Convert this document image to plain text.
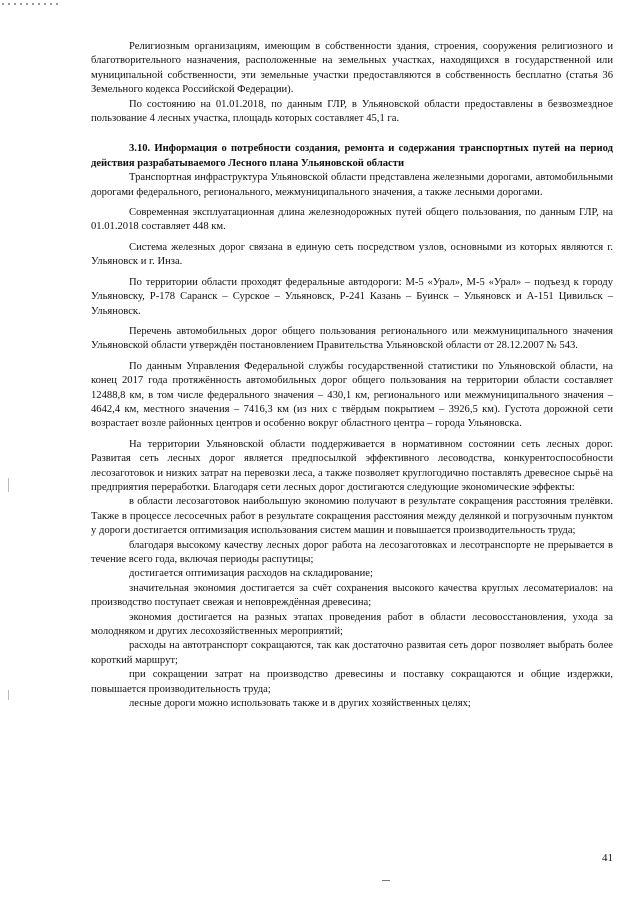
Религиозным организациям, имеющим в собственности здания, строения, сооружения религиозного и благотворительного назначения, расположенные на земельных участках, находящихся в государственной или муниципальной собственности, эти земельные участки предоставляются в собственность бесплатно (статья 36 Земельного кодекса Российской Федерации).

По состоянию на 01.01.2018, по данным ГЛР, в Ульяновской области предоставлены в безвозмездное пользование 4 лесных участка, площадь которых составляет 45,1 га.

3.10. Информация о потребности создания, ремонта и содержания транспортных путей на период действия разрабатываемого Лесного плана Ульяновской области

Транспортная инфраструктура Ульяновской области представлена железными дорогами, автомобильными дорогами федерального, регионального, межмуниципального значения, а также лесными дорогами.

Современная эксплуатационная длина железнодорожных путей общего пользования, по данным ГЛР, на 01.01.2018 составляет 448 км.

Система железных дорог связана в единую сеть посредством узлов, основными из которых являются г. Ульяновск и г. Инза.

По территории области проходят федеральные автодороги: М-5 «Урал», М-5 «Урал» – подъезд к городу Ульяновску, Р-178 Саранск – Сурское – Ульяновск, Р-241 Казань – Буинск – Ульяновск и А-151 Цивильск – Ульяновск.

Перечень автомобильных дорог общего пользования регионального или межмуниципального значения Ульяновской области утверждён постановлением Правительства Ульяновской области от 28.12.2007 № 543.

По данным Управления Федеральной службы государственной статистики по Ульяновской области, на конец 2017 года протяжённость автомобильных дорог общего пользования на территории области составляет 12488,8 км, в том числе федерального значения – 430,1 км, регионального или межмуниципального значения – 4642,4 км, местного значения – 7416,3 км (из них с твёрдым покрытием – 3926,5 км). Густота дорожной сети возрастает возле районных центров и особенно вокруг областного центра – города Ульяновска.

На территории Ульяновской области поддерживается в нормативном состоянии сеть лесных дорог. Развитая сеть лесных дорог является предпосылкой эффективного лесоводства, конкурентоспособности лесозаготовок и низких затрат на перевозки леса, а также позволяет круглогодично поставлять древесное сырьё на предприятия переработки. Благодаря сети лесных дорог достигаются следующие экономические эффекты:

в области лесозаготовок наибольшую экономию получают в результате сокращения расстояния трелёвки. Также в процессе лесосечных работ в результате сокращения расстояния между делянкой и погрузочным пунктом у дороги достигается оптимизация использования систем машин и повышается производительность труда;

благодаря высокому качеству лесных дорог работа на лесозаготовках и лесотранспорте не прерывается в течение всего года, включая периоды распутицы;

достигается оптимизация расходов на складирование;

значительная экономия достигается за счёт сохранения высокого качества круглых лесоматериалов: на производство поступает свежая и неповреждённая древесина;

экономия достигается на разных этапах проведения работ в области лесовосстановления, ухода за молодняком и других лесохозяйственных мероприятий;

расходы на автотранспорт сокращаются, так как достаточно развитая сеть дорог позволяет выбрать более короткий маршрут;

при сокращении затрат на производство древесины и поставку сокращаются и общие издержки, повышается производительность труда;

лесные дороги можно использовать также и в других хозяйственных целях;

41
